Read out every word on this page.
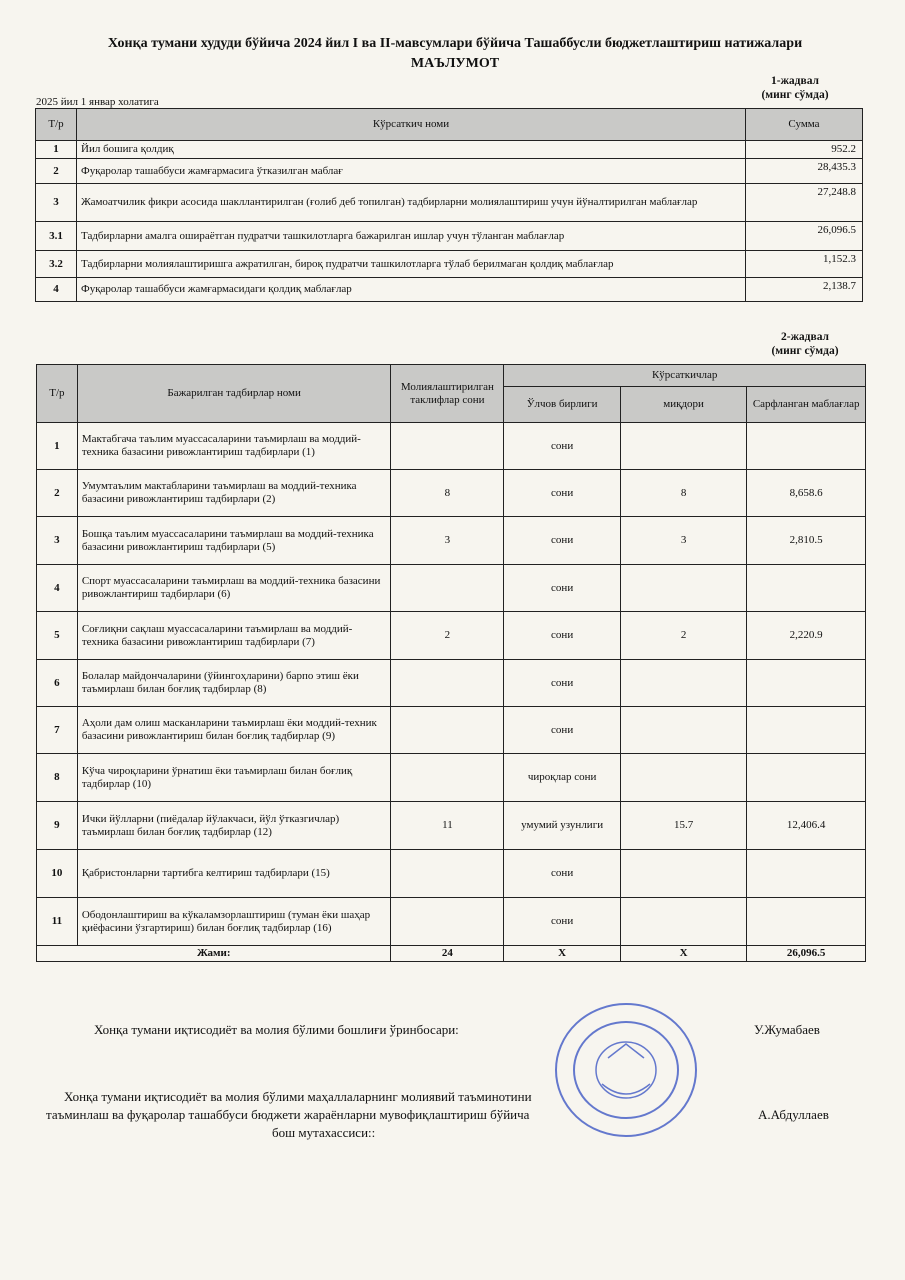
Хонқа тумани худуди бўйича 2024 йил I ва II-мавсумлари бўйича Ташаббусли бюджетлаштириш натижалари
МАЪЛУМОТ
1-жадвал
(минг сўмда)
2025 йил 1 январ холатига
Т/р	Кўрсаткич номи	Сумма
1	Йил бошига қолдиқ	952.2
2	Фуқаролар ташаббуси жамғармасига ўтказилган маблағ	28,435.3
3	Жамоатчилик фикри асосида шакллантирилган (ғолиб деб топилган) тадбирларни молиялаштириш учун йўналтирилган маблағлар	27,248.8
3.1	Тадбирларни амалга ошираётган пудратчи ташкилотларга бажарилган ишлар учун тўланган маблағлар	26,096.5
3.2	Тадбирларни молиялаштиришга ажратилган, бироқ пудратчи ташкилотларга тўлаб берилмаган қолдиқ маблағлар	1,152.3
4	Фуқаролар ташаббуси жамғармасидаги қолдиқ маблағлар	2,138.7
2-жадвал
(минг сўмда)
Т/р	Бажарилган тадбирлар номи	Молиялаштирилган таклифлар сони	Кўрсаткичлар		
			Ўлчов бирлиги	миқдори	Сарфланган маблағлар
1	Мактабгача таълим муассасаларини таъмирлаш ва моддий-техника базасини ривожлантириш тадбирлари (1)		сони		
2	Умумтаълим мактабларини таъмирлаш ва моддий-техника базасини ривожлантириш тадбирлари (2)	8	сони	8	8,658.6
3	Бошқа таълим муассасаларини таъмирлаш ва моддий-техника базасини ривожлантириш тадбирлари (5)	3	сони	3	2,810.5
4	Спорт муассасаларини таъмирлаш ва моддий-техника базасини ривожлантириш тадбирлари (6)		сони		
5	Соғлиқни сақлаш муассасаларини таъмирлаш ва моддий-техника базасини ривожлантириш тадбирлари (7)	2	сони	2	2,220.9
6	Болалар майдончаларини (ўйингоҳларини) барпо этиш ёки таъмирлаш билан боғлиқ тадбирлар (8)		сони		
7	Аҳоли дам олиш масканларини таъмирлаш ёки моддий-техник базасини ривожлантириш билан боғлиқ тадбирлар (9)		сони		
8	Кўча чироқларини ўрнатиш ёки таъмирлаш билан боғлиқ тадбирлар (10)		чироқлар сони		
9	Ички йўлларни (пиёдалар йўлакчаси, йўл ўтказгичлар) таъмирлаш билан боғлиқ тадбирлар (12)	11	умумий узунлиги	15.7	12,406.4
10	Қабристонларни тартибга келтириш тадбирлари (15)		сони		
11	Ободонлаштириш ва кўкаламзорлаштириш (туман ёки шаҳар қиёфасини ўзгартириш) билан боғлиқ тадбирлар (16)		сони		
Жами:		24	X	X	26,096.5
Хонқа тумани иқтисодиёт ва молия бўлими бошлиғи ўринбосари:	У.Жумабаев
Хонқа тумани иқтисодиёт ва молия бўлими маҳаллаларнинг молиявий таъминотини
таъминлаш ва фуқаролар ташаббуси бюджети жараёнларни мувофиқлаштириш бўйича
бош мутахассиси::
А.Абдуллаев
